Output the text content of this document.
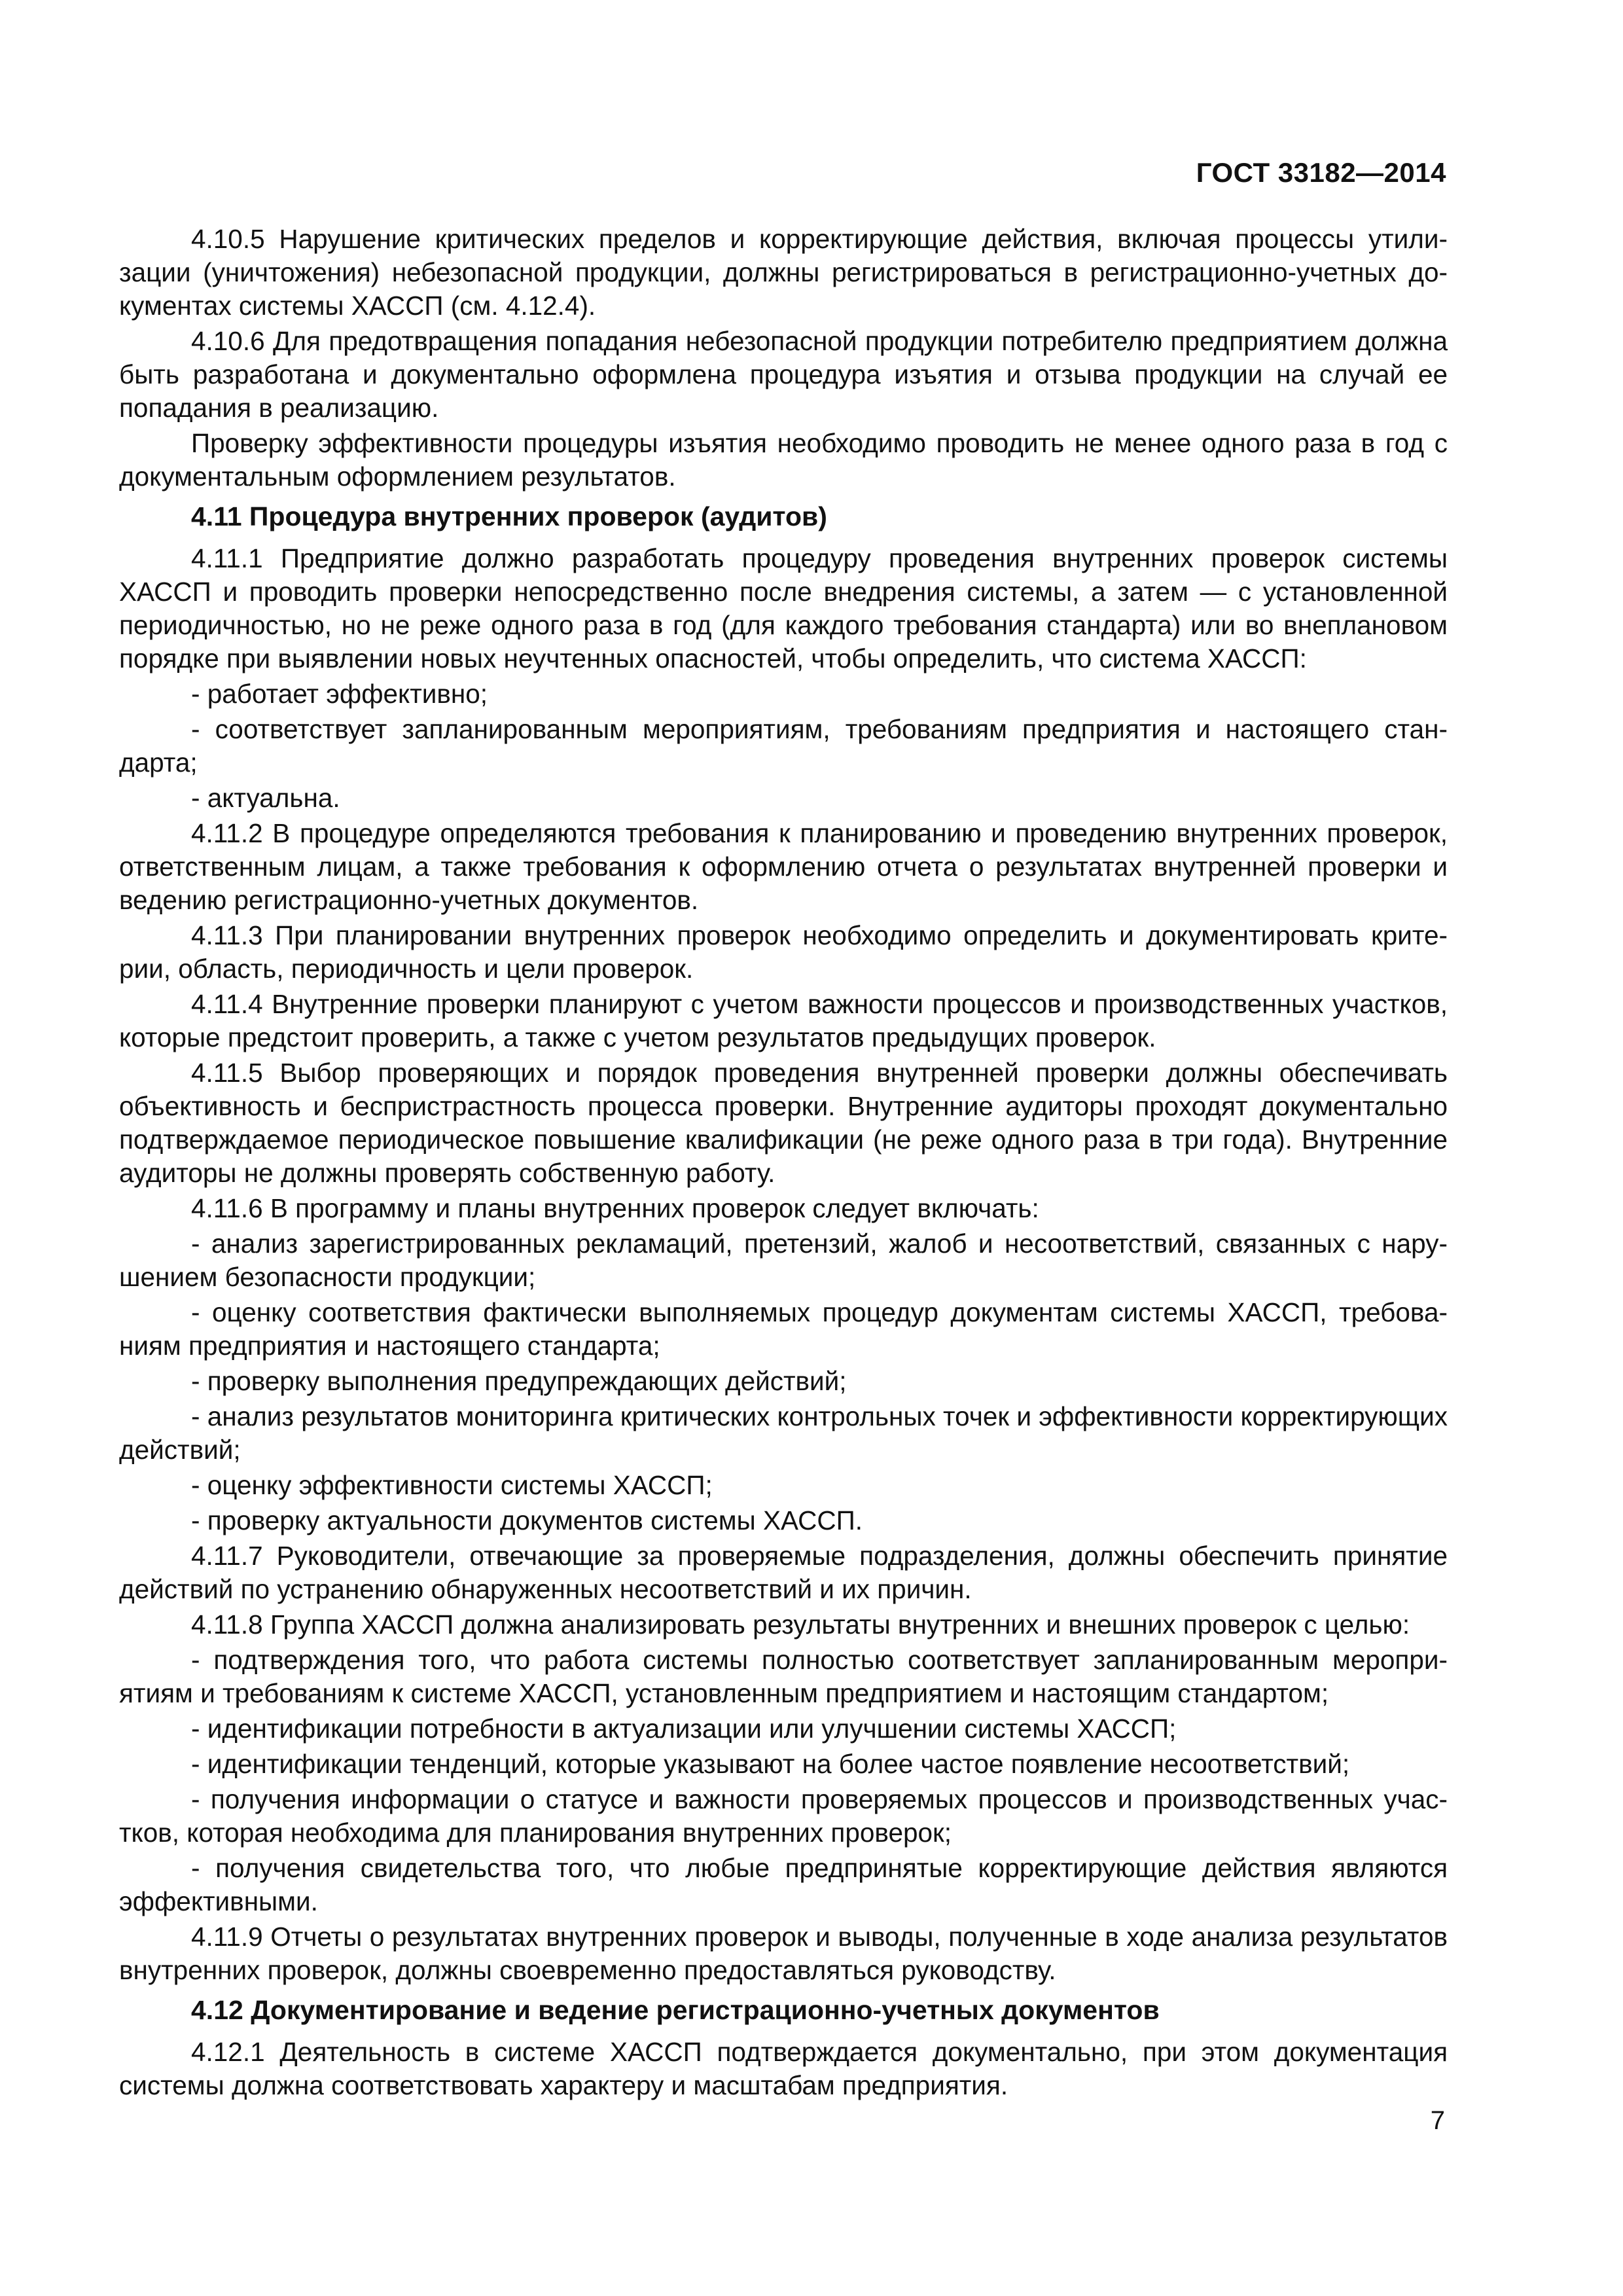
ГОСТ 33182—2014

4.10.5 Нарушение критических пределов и корректирующие действия, включая процессы утилизации (уничтожения) небезопасной продукции, должны регистрироваться в регистрационно-учетных документах системы ХАССП (см. 4.12.4).

4.10.6 Для предотвращения попадания небезопасной продукции потребителю предприятием должна быть разработана и документально оформлена процедура изъятия и отзыва продукции на случай ее попадания в реализацию.

Проверку эффективности процедуры изъятия необходимо проводить не менее одного раза в год с документальным оформлением результатов.

4.11 Процедура внутренних проверок (аудитов)

4.11.1 Предприятие должно разработать процедуру проведения внутренних проверок системы ХАССП и проводить проверки непосредственно после внедрения системы, а затем — с установленной периодичностью, но не реже одного раза в год (для каждого требования стандарта) или во внеплановом порядке при выявлении новых неучтенных опасностей, чтобы определить, что система ХАССП:

- работает эффективно;

- соответствует запланированным мероприятиям, требованиям предприятия и настоящего стандарта;

- актуальна.

4.11.2 В процедуре определяются требования к планированию и проведению внутренних проверок, ответственным лицам, а также требования к оформлению отчета о результатах внутренней проверки и ведению регистрационно-учетных документов.

4.11.3 При планировании внутренних проверок необходимо определить и документировать критерии, область, периодичность и цели проверок.

4.11.4 Внутренние проверки планируют с учетом важности процессов и производственных участков, которые предстоит проверить, а также с учетом результатов предыдущих проверок.

4.11.5 Выбор проверяющих и порядок проведения внутренней проверки должны обеспечивать объективность и беспристрастность процесса проверки. Внутренние аудиторы проходят документально подтверждаемое периодическое повышение квалификации (не реже одного раза в три года). Внутренние аудиторы не должны проверять собственную работу.

4.11.6 В программу и планы внутренних проверок следует включать:

- анализ зарегистрированных рекламаций, претензий, жалоб и несоответствий, связанных с нарушением безопасности продукции;

- оценку соответствия фактически выполняемых процедур документам системы ХАССП, требованиям предприятия и настоящего стандарта;

- проверку выполнения предупреждающих действий;

- анализ результатов мониторинга критических контрольных точек и эффективности корректирующих действий;

- оценку эффективности системы ХАССП;

- проверку актуальности документов системы ХАССП.

4.11.7 Руководители, отвечающие за проверяемые подразделения, должны обеспечить принятие действий по устранению обнаруженных несоответствий и их причин.

4.11.8 Группа ХАССП должна анализировать результаты внутренних и внешних проверок с целью:

- подтверждения того, что работа системы полностью соответствует запланированным мероприятиям и требованиям к системе ХАССП, установленным предприятием и настоящим стандартом;

- идентификации потребности в актуализации или улучшении системы ХАССП;

- идентификации тенденций, которые указывают на более частое появление несоответствий;

- получения информации о статусе и важности проверяемых процессов и производственных участков, которая необходима для планирования внутренних проверок;

- получения свидетельства того, что любые предпринятые корректирующие действия являются эффективными.

4.11.9 Отчеты о результатах внутренних проверок и выводы, полученные в ходе анализа результатов внутренних проверок, должны своевременно предоставляться руководству.

4.12 Документирование и ведение регистрационно-учетных документов

4.12.1 Деятельность в системе ХАССП подтверждается документально, при этом документация системы должна соответствовать характеру и масштабам предприятия.

7
